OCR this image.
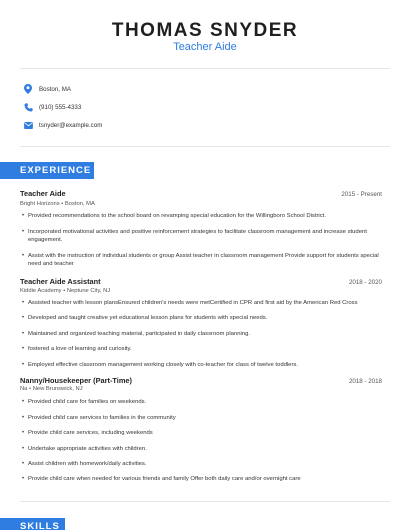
THOMAS SNYDER
Teacher Aide
Boston, MA
(910) 555-4333
tsnyder@example.com
EXPERIENCE
Teacher Aide	2015 - Present
Bright Horizons • Boston, MA
• Provided recommendations to the school board on revamping special education for the Willingboro School District.
• Incorporated motivational activities and positive reinforcement strategies to facilitate classroom management and increase student engagement.
• Assist with the instruction of individual students or group Assist teacher in classroom management Provide support for students special need and teacher
Teacher Aide Assistant	2018 - 2020
Kiddie Academy • Neptune City, NJ
• Assisted teacher with lesson plansEnsured children's needs were metCertified in CPR and first aid by the American Red Cross
• Developed and taught creative yet educational lesson plans for students with special needs.
• Maintained and organized teaching material, participated in daily classroom planning.
• fostered a love of learning and curiosity.
• Employed effective classroom management working closely with co-teacher for class of twelve toddlers.
Nanny/Housekeeper (Part-Time)	2018 - 2018
Na • New Brunswick, NJ
• Provided child care for families on weekends.
• Provided child care services to families in the community
• Provide child care services, including weekends
• Undertake appropriate activities with children.
• Assist children with homework/daily activities.
• Provide child care when needed for various friends and family Offer both daily care and/or overnight care
SKILLS
